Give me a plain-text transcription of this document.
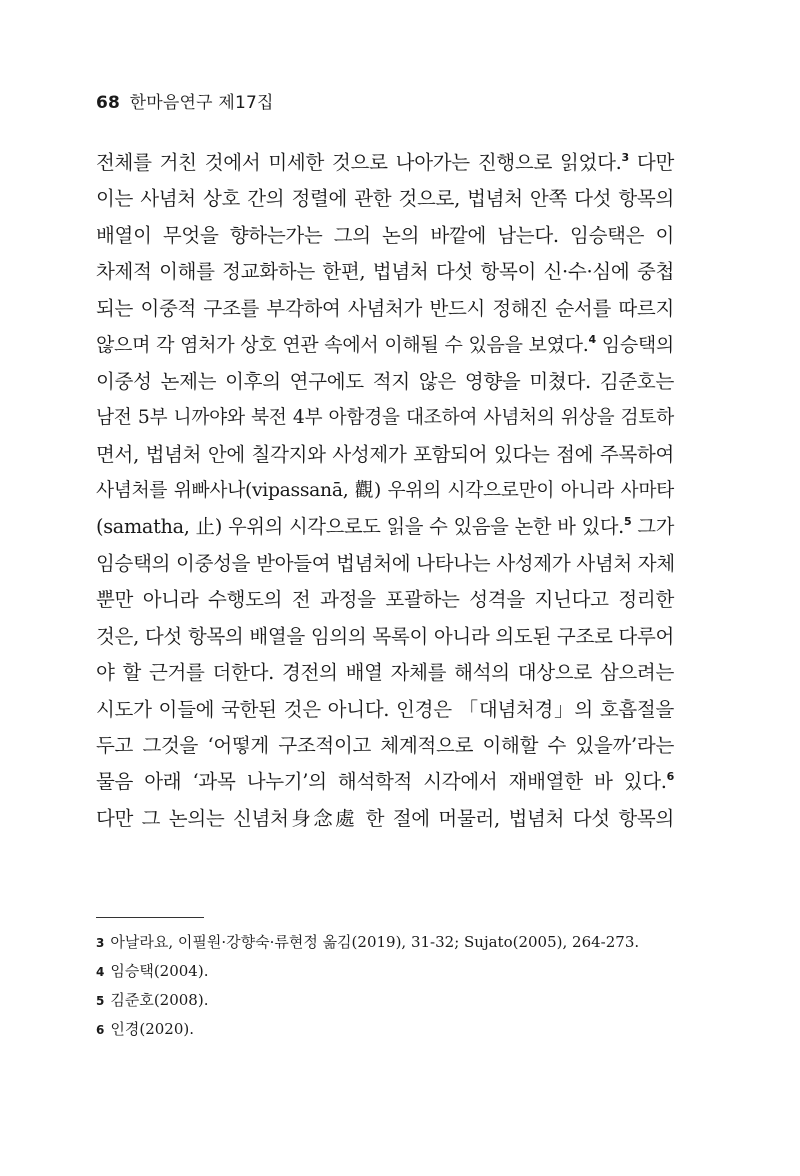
68 한마음연구 제17집
전체를 거친 것에서 미세한 것으로 나아가는 진행으로 읽었다.$^3$ 다만
이는 사념처 상호 간의 정렬에 관한 것으로, 법념처 안쪽 다섯 항목의
배열이 무엇을 향하는가는 그의 논의 바깥에 남는다. 임승택은 이
차제적 이해를 정교화하는 한편, 법념처 다섯 항목이 신·수·심에 중첩
되는 이중적 구조를 부각하여 사념처가 반드시 정해진 순서를 따르지
않으며 각 염처가 상호 연관 속에서 이해될 수 있음을 보였다.$^4$ 임승택의
이중성 논제는 이후의 연구에도 적지 않은 영향을 미쳤다. 김준호는
남전 5부 니까야와 북전 4부 아함경을 대조하여 사념처의 위상을 검토하
면서, 법념처 안에 칠각지와 사성제가 포함되어 있다는 점에 주목하여
사념처를 위빠사나(vipassanā, 觀) 우위의 시각으로만이 아니라 사마타
(samatha, 止) 우위의 시각으로도 읽을 수 있음을 논한 바 있다.$^5$ 그가
임승택의 이중성을 받아들여 법념처에 나타나는 사성제가 사념처 자체
뿐만 아니라 수행도의 전 과정을 포괄하는 성격을 지닌다고 정리한
것은, 다섯 항목의 배열을 임의의 목록이 아니라 의도된 구조로 다루어
야 할 근거를 더한다. 경전의 배열 자체를 해석의 대상으로 삼으려는
시도가 이들에 국한된 것은 아니다. 인경은 「대념처경」의 호흡절을
두고 그것을 ‘어떻게 구조적이고 체계적으로 이해할 수 있을까’라는
물음 아래 ‘과목 나누기’의 해석학적 시각에서 재배열한 바 있다.$^6$
다만 그 논의는 신념처身念處 한 절에 머물러, 법념처 다섯 항목의
3 아날라요, 이필원·강향숙·류현정 옮김(2019), 31-32; Sujato(2005), 264-273.
4 임승택(2004).
5 김준호(2008).
6 인경(2020).
